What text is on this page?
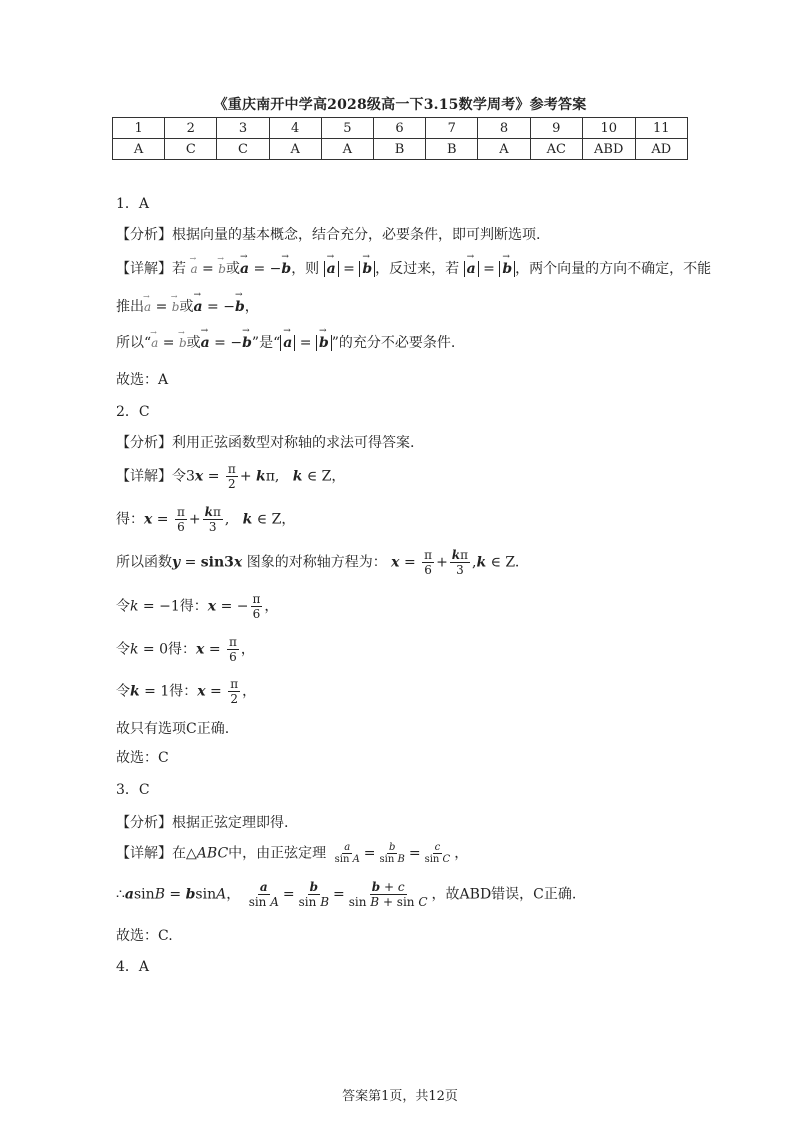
《重庆南开中学高2028级高一下3.15数学周考》参考答案
1	2	3	4	5	6	7	8	9	10	11
A	C	C	A	A	B	B	A	AC	ABD	AD
1．A
【分析】根据向量的基本概念，结合充分，必要条件，即可判断选项.
【详解】若 → a = → b或→ a = −→ b，则 → a = → b ，反过来，若 → a = → b ，两个向量的方向不确定，不能
推出→ a = → b或→ a = −→ b，
所以“→ a = → b或→ a = −→ b”是“ → a = → b ”的充分不必要条件.
故选：A
2．C
【分析】利用正弦函数型对称轴的求法可得答案.
【详解】令$3x = \frac{\pi}{2} + k\pi$,   k ∈ Z，
得：$x = \frac{\pi}{6} + \frac{k\pi}{3}$ ,   k ∈ Z，
所以函数y = sin3x 图象的对称轴方程为： $x = \frac{\pi}{6} + \frac{k\pi}{3} ,k$ ∈ Z.
令k = −1得：x = − $\frac{\pi}{6}$ ，
令k = 0得：$x = \frac{\pi}{6}$ ，
令k = 1得：$x = \frac{\pi}{2}$ ，
故只有选项C正确.
故选：C
3．C
【分析】根据正弦定理即得.
【详解】在△ABC中，由正弦定理 $\frac{a}{\text{sin A}} = \frac{b}{\text{sin B}} = \frac{c}{\text{sin C}}$ ，
∴asinB = bsinA， $\frac{a}{\text{sin A}} = \frac{b}{\text{sin B}} = \frac{b + c}{\text{sin B + sin C}}$ ，故ABD错误，C正确.
故选：C.
4．A
答案第1页，共12页
